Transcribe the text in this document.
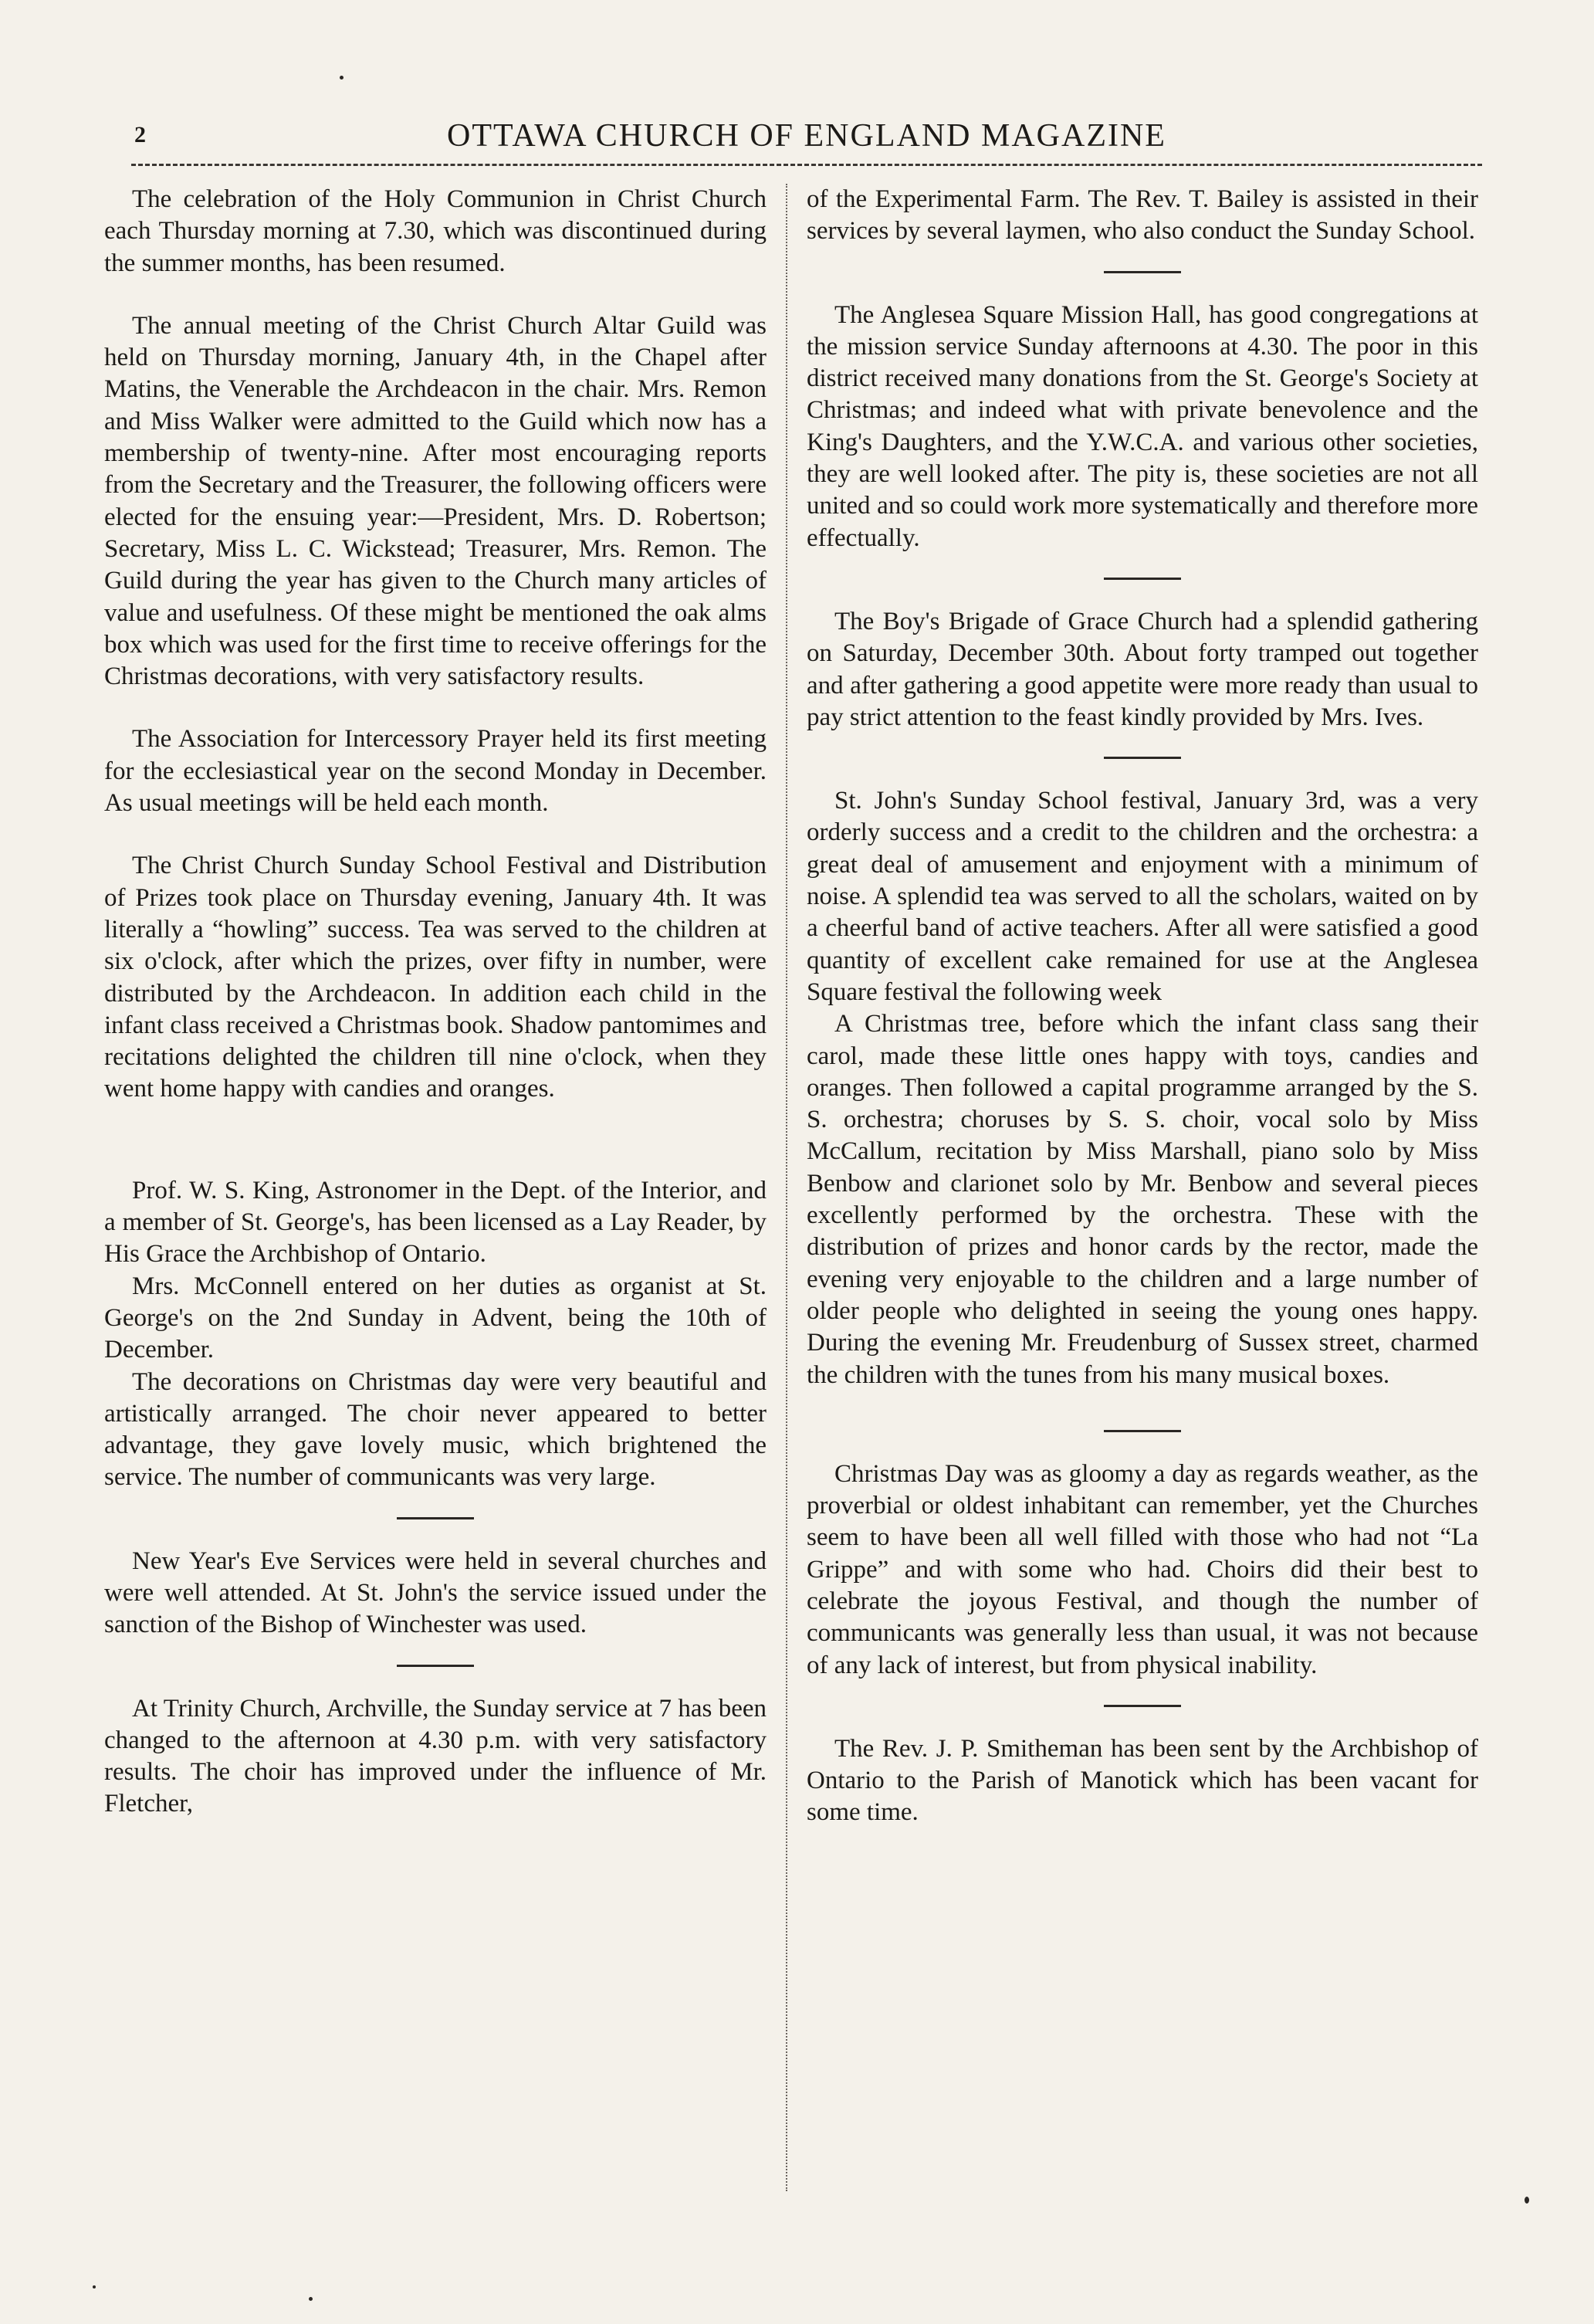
2	OTTAWA CHURCH OF ENGLAND MAGAZINE

The celebration of the Holy Communion in Christ Church each Thursday morning at 7.30, which was discontinued during the summer months, has been resumed.

The annual meeting of the Christ Church Altar Guild was held on Thursday morning, January 4th, in the Chapel after Matins, the Venerable the Archdeacon in the chair. Mrs. Remon and Miss Walker were admitted to the Guild which now has a membership of twenty-nine. After most encouraging reports from the Secretary and the Treasurer, the following officers were elected for the ensuing year:—President, Mrs. D. Robertson; Secretary, Miss L. C. Wickstead; Treasurer, Mrs. Remon. The Guild during the year has given to the Church many articles of value and usefulness. Of these might be mentioned the oak alms box which was used for the first time to receive offerings for the Christmas decorations, with very satisfactory results.

The Association for Intercessory Prayer held its first meeting for the ecclesiastical year on the second Monday in December. As usual meetings will be held each month.

The Christ Church Sunday School Festival and Distribution of Prizes took place on Thursday evening, January 4th. It was literally a “howling” success. Tea was served to the children at six o'clock, after which the prizes, over fifty in number, were distributed by the Archdeacon. In addition each child in the infant class received a Christmas book. Shadow pantomimes and recitations delighted the children till nine o'clock, when they went home happy with candies and oranges.

Prof. W. S. King, Astronomer in the Dept. of the Interior, and a member of St. George's, has been licensed as a Lay Reader, by His Grace the Archbishop of Ontario.

Mrs. McConnell entered on her duties as organist at St. George's on the 2nd Sunday in Advent, being the 10th of December.

The decorations on Christmas day were very beautiful and artistically arranged. The choir never appeared to better advantage, they gave lovely music, which brightened the service. The number of communicants was very large.

New Year's Eve Services were held in several churches and were well attended. At St. John's the service issued under the sanction of the Bishop of Winchester was used.

At Trinity Church, Archville, the Sunday service at 7 has been changed to the afternoon at 4.30 p.m. with very satisfactory results. The choir has improved under the influence of Mr. Fletcher,

of the Experimental Farm. The Rev. T. Bailey is assisted in their services by several laymen, who also conduct the Sunday School.

The Anglesea Square Mission Hall, has good congregations at the mission service Sunday afternoons at 4.30. The poor in this district received many donations from the St. George's Society at Christmas; and indeed what with private benevolence and the King's Daughters, and the Y.W.C.A. and various other societies, they are well looked after. The pity is, these societies are not all united and so could work more systematically and therefore more effectually.

The Boy's Brigade of Grace Church had a splendid gathering on Saturday, December 30th. About forty tramped out together and after gathering a good appetite were more ready than usual to pay strict attention to the feast kindly provided by Mrs. Ives.

St. John's Sunday School festival, January 3rd, was a very orderly success and a credit to the children and the orchestra: a great deal of amusement and enjoyment with a minimum of noise. A splendid tea was served to all the scholars, waited on by a cheerful band of active teachers. After all were satisfied a good quantity of excellent cake remained for use at the Anglesea Square festival the following week

A Christmas tree, before which the infant class sang their carol, made these little ones happy with toys, candies and oranges. Then followed a capital programme arranged by the S. S. orchestra; choruses by S. S. choir, vocal solo by Miss McCallum, recitation by Miss Marshall, piano solo by Miss Benbow and clarionet solo by Mr. Benbow and several pieces excellently performed by the orchestra. These with the distribution of prizes and honor cards by the rector, made the evening very enjoyable to the children and a large number of older people who delighted in seeing the young ones happy. During the evening Mr. Freudenburg of Sussex street, charmed the children with the tunes from his many musical boxes.

Christmas Day was as gloomy a day as regards weather, as the proverbial or oldest inhabitant can remember, yet the Churches seem to have been all well filled with those who had not “La Grippe” and with some who had. Choirs did their best to celebrate the joyous Festival, and though the number of communicants was generally less than usual, it was not because of any lack of interest, but from physical inability.

The Rev. J. P. Smitheman has been sent by the Archbishop of Ontario to the Parish of Manotick which has been vacant for some time.
